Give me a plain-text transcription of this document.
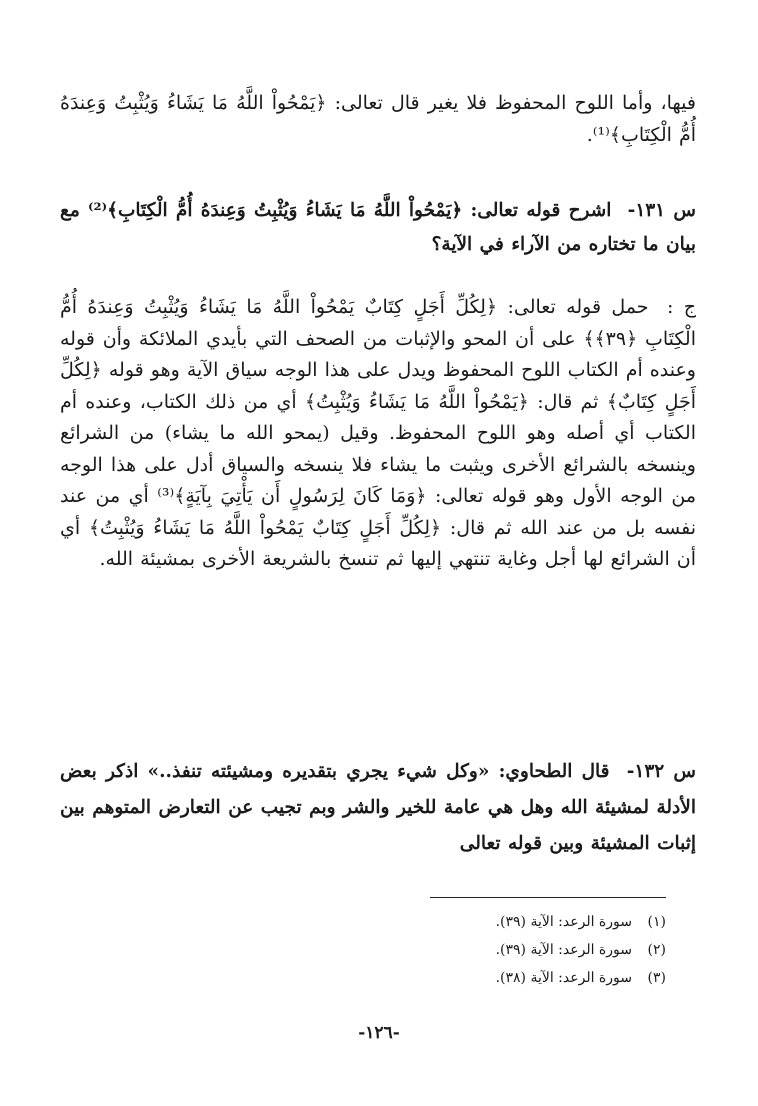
فيها، وأما اللوح المحفوظ فلا يغير قال تعالى: ﴿يَمْحُواْ اللَّهُ مَا يَشَاءُ وَيُثْبِتُ وَعِندَهُ أُمُّ الْكِتَابِ﴾⁽¹⁾.

س ١٣١- اشرح قوله تعالى: ﴿يَمْحُواْ اللَّهُ مَا يَشَاءُ وَيُثْبِتُ وَعِندَهُ أُمُّ الْكِتَابِ﴾⁽²⁾ مع بيان ما تختاره من الآراء في الآية؟

ج : حمل قوله تعالى: ﴿لِكُلِّ أَجَلٍ كِتَابٌ يَمْحُواْ اللَّهُ مَا يَشَاءُ وَيُثْبِتُ وَعِندَهُ أُمُّ الْكِتَابِ ﴿٣٩﴾﴾ على أن المحو والإثبات من الصحف التي بأيدي الملائكة وأن قوله وعنده أم الكتاب اللوح المحفوظ ويدل على هذا الوجه سياق الآية وهو قوله ﴿لِكُلِّ أَجَلٍ كِتَابٌ﴾ ثم قال: ﴿يَمْحُواْ اللَّهُ مَا يَشَاءُ وَيُثْبِتُ﴾ أي من ذلك الكتاب، وعنده أم الكتاب أي أصله وهو اللوح المحفوظ. وقيل (يمحو الله ما يشاء) من الشرائع وينسخه بالشرائع الأخرى ويثبت ما يشاء فلا ينسخه والسياق أدل على هذا الوجه من الوجه الأول وهو قوله تعالى: ﴿وَمَا كَانَ لِرَسُولٍ أَن يَأْتِيَ بِآيَةٍ﴾⁽³⁾ أي من عند نفسه بل من عند الله ثم قال: ﴿لِكُلِّ أَجَلٍ كِتَابٌ يَمْحُواْ اللَّهُ مَا يَشَاءُ وَيُثْبِتُ﴾ أي أن الشرائع لها أجل وغاية تنتهي إليها ثم تنسخ بالشريعة الأخرى بمشيئة الله.

س ١٣٢- قال الطحاوي: «وكل شيء يجري بتقديره ومشيئته تنفذ..» اذكر بعض الأدلة لمشيئة الله وهل هي عامة للخير والشر وبم تجيب عن التعارض المتوهم بين إثبات المشيئة وبين قوله تعالى

(١)سورة الرعد: الآية (٣٩).
(٢)سورة الرعد: الآية (٣٩).
(٣)سورة الرعد: الآية (٣٨).
-١٢٦-
